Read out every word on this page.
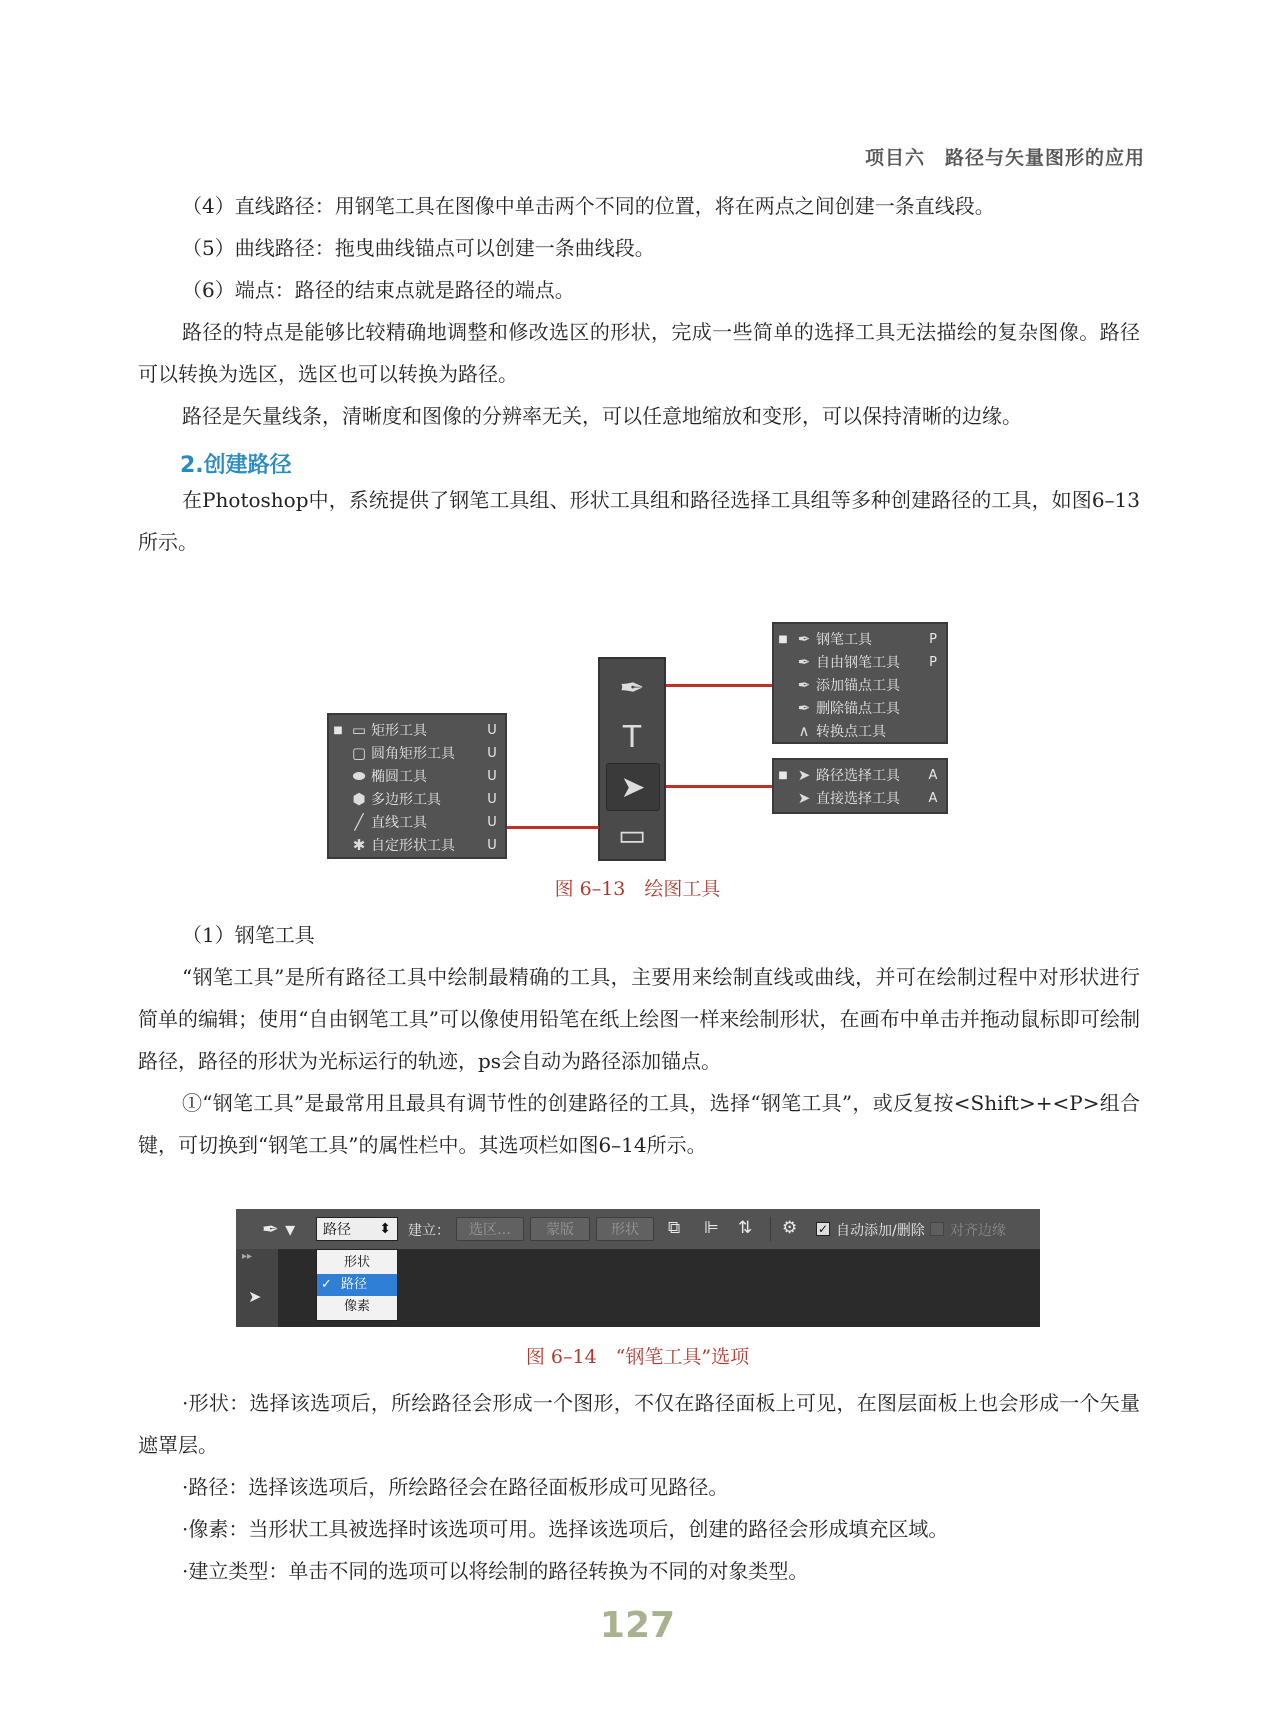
项目六　路径与矢量图形的应用

（4）直线路径：用钢笔工具在图像中单击两个不同的位置，将在两点之间创建一条直线段。

（5）曲线路径：拖曳曲线锚点可以创建一条曲线段。

（6）端点：路径的结束点就是路径的端点。

路径的特点是能够比较精确地调整和修改选区的形状，完成一些简单的选择工具无法描绘的复杂图像。路径可以转换为选区，选区也可以转换为路径。

路径是矢量线条，清晰度和图像的分辨率无关，可以任意地缩放和变形，可以保持清晰的边缘。

2.创建路径

在Photoshop中，系统提供了钢笔工具组、形状工具组和路径选择工具组等多种创建路径的工具，如图6–13所示。

■ ▭ 矩形工具	U
▢ 圆角矩形工具	U
⬬ 椭圆工具	U
⬢ 多边形工具	U
╱ 直线工具	U
✱ 自定形状工具	U
✒
T
➤
▭
■ ✒ 钢笔工具	P
✒ 自由钢笔工具	P
✒ 添加锚点工具
✒ 删除锚点工具
∧ 转换点工具
■ ➤ 路径选择工具	A
➤ 直接选择工具	A
图 6–13　绘图工具

（1）钢笔工具

“钢笔工具”是所有路径工具中绘制最精确的工具，主要用来绘制直线或曲线，并可在绘制过程中对形状进行简单的编辑；使用“自由钢笔工具”可以像使用铅笔在纸上绘图一样来绘制形状，在画布中单击并拖动鼠标即可绘制路径，路径的形状为光标运行的轨迹，ps会自动为路径添加锚点。

①“钢笔工具”是最常用且最具有调节性的创建路径的工具，选择“钢笔工具”，或反复按<Shift>+<P>组合键，可切换到“钢笔工具”的属性栏中。其选项栏如图6–14所示。

✒ ▾ 路径 ⬍ 建立：	选区…	蒙版	形状	⧉ ⊫ ⇅ ⚙ ✓ 自动添加/删除 对齐边缘
▸▸
➤
形状
✓ 路径
像素
图 6–14　“钢笔工具”选项

·形状：选择该选项后，所绘路径会形成一个图形，不仅在路径面板上可见，在图层面板上也会形成一个矢量遮罩层。

·路径：选择该选项后，所绘路径会在路径面板形成可见路径。

·像素：当形状工具被选择时该选项可用。选择该选项后，创建的路径会形成填充区域。

·建立类型：单击不同的选项可以将绘制的路径转换为不同的对象类型。

127
